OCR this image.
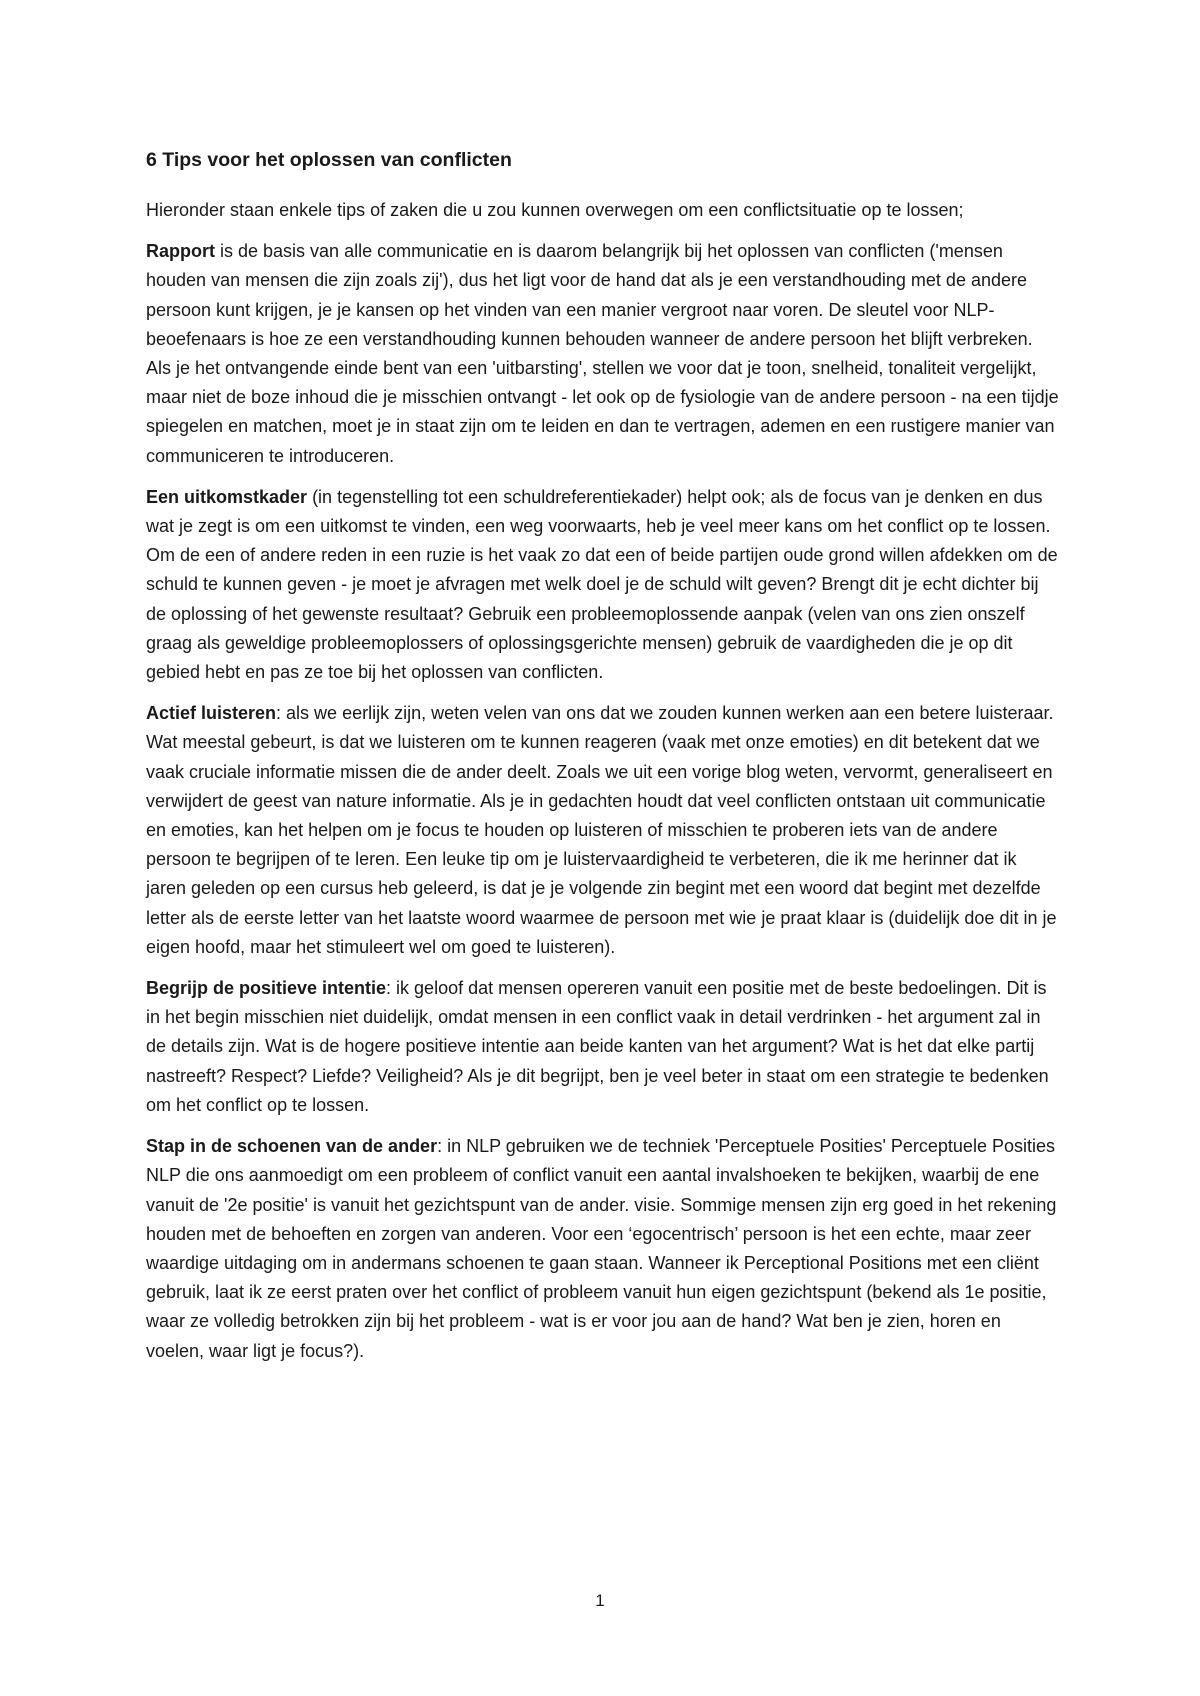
6 Tips voor het oplossen van conflicten

Hieronder staan enkele tips of zaken die u zou kunnen overwegen om een conflictsituatie op te lossen;

Rapport is de basis van alle communicatie en is daarom belangrijk bij het oplossen van conflicten ('mensen houden van mensen die zijn zoals zij'), dus het ligt voor de hand dat als je een verstandhouding met de andere persoon kunt krijgen, je je kansen op het vinden van een manier vergroot naar voren. De sleutel voor NLP-beoefenaars is hoe ze een verstandhouding kunnen behouden wanneer de andere persoon het blijft verbreken. Als je het ontvangende einde bent van een 'uitbarsting', stellen we voor dat je toon, snelheid, tonaliteit vergelijkt, maar niet de boze inhoud die je misschien ontvangt - let ook op de fysiologie van de andere persoon - na een tijdje spiegelen en matchen, moet je in staat zijn om te leiden en dan te vertragen, ademen en een rustigere manier van communiceren te introduceren.

Een uitkomstkader (in tegenstelling tot een schuldreferentiekader) helpt ook; als de focus van je denken en dus wat je zegt is om een uitkomst te vinden, een weg voorwaarts, heb je veel meer kans om het conflict op te lossen. Om de een of andere reden in een ruzie is het vaak zo dat een of beide partijen oude grond willen afdekken om de schuld te kunnen geven - je moet je afvragen met welk doel je de schuld wilt geven? Brengt dit je echt dichter bij de oplossing of het gewenste resultaat? Gebruik een probleemoplossende aanpak (velen van ons zien onszelf graag als geweldige probleemoplossers of oplossingsgerichte mensen) gebruik de vaardigheden die je op dit gebied hebt en pas ze toe bij het oplossen van conflicten.

Actief luisteren: als we eerlijk zijn, weten velen van ons dat we zouden kunnen werken aan een betere luisteraar. Wat meestal gebeurt, is dat we luisteren om te kunnen reageren (vaak met onze emoties) en dit betekent dat we vaak cruciale informatie missen die de ander deelt. Zoals we uit een vorige blog weten, vervormt, generaliseert en verwijdert de geest van nature informatie. Als je in gedachten houdt dat veel conflicten ontstaan uit communicatie en emoties, kan het helpen om je focus te houden op luisteren of misschien te proberen iets van de andere persoon te begrijpen of te leren. Een leuke tip om je luistervaardigheid te verbeteren, die ik me herinner dat ik jaren geleden op een cursus heb geleerd, is dat je je volgende zin begint met een woord dat begint met dezelfde letter als de eerste letter van het laatste woord waarmee de persoon met wie je praat klaar is (duidelijk doe dit in je eigen hoofd, maar het stimuleert wel om goed te luisteren).

Begrijp de positieve intentie: ik geloof dat mensen opereren vanuit een positie met de beste bedoelingen. Dit is in het begin misschien niet duidelijk, omdat mensen in een conflict vaak in detail verdrinken - het argument zal in de details zijn. Wat is de hogere positieve intentie aan beide kanten van het argument? Wat is het dat elke partij nastreeft? Respect? Liefde? Veiligheid? Als je dit begrijpt, ben je veel beter in staat om een strategie te bedenken om het conflict op te lossen.

Stap in de schoenen van de ander: in NLP gebruiken we de techniek 'Perceptuele Posities' Perceptuele Posities NLP die ons aanmoedigt om een probleem of conflict vanuit een aantal invalshoeken te bekijken, waarbij de ene vanuit de '2e positie' is vanuit het gezichtspunt van de ander. visie. Sommige mensen zijn erg goed in het rekening houden met de behoeften en zorgen van anderen. Voor een ‘egocentrisch’ persoon is het een echte, maar zeer waardige uitdaging om in andermans schoenen te gaan staan. Wanneer ik Perceptional Positions met een cliënt gebruik, laat ik ze eerst praten over het conflict of probleem vanuit hun eigen gezichtspunt (bekend als 1e positie, waar ze volledig betrokken zijn bij het probleem - wat is er voor jou aan de hand? Wat ben je zien, horen en voelen, waar ligt je focus?).

1
